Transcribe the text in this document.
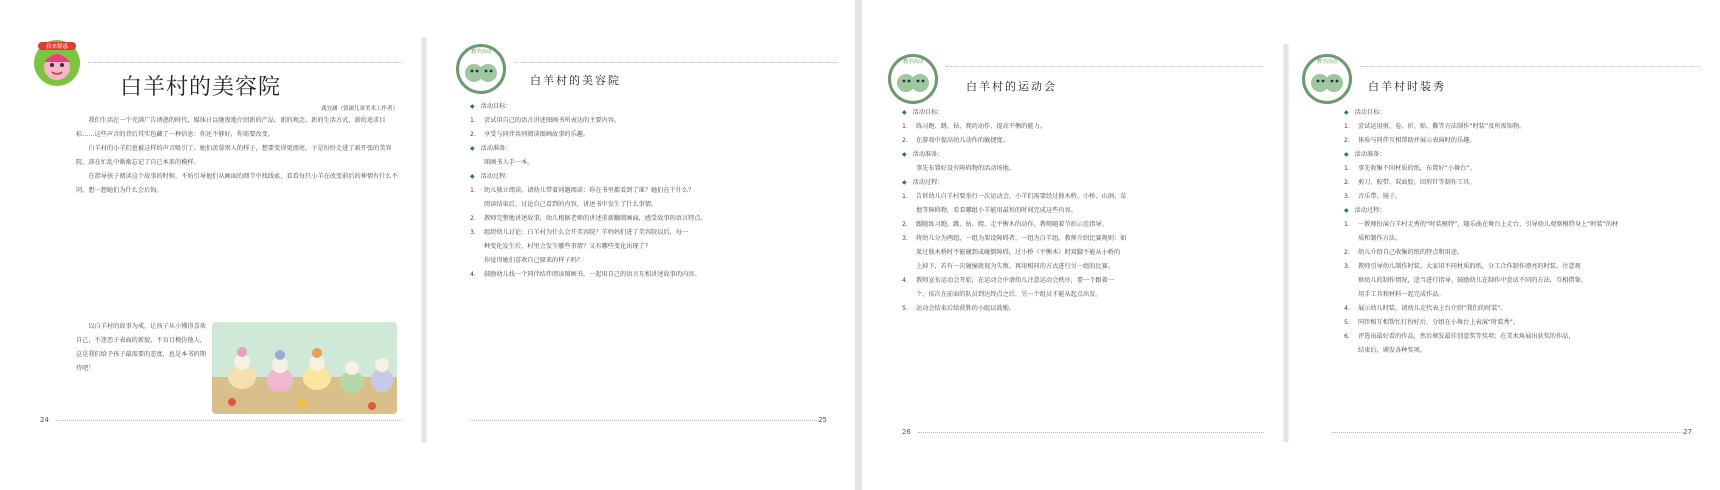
我来解惑
白羊村的美容院
龚宜涵（资深儿童美术工作者）

我们生活在一个充满广告诱惑的时代，媒体日以继夜地介绍新的产品、新的观念、新的生活方式、新的追求目标……这些声音的背后其实包藏了一种信息：你还不够好，你需要改变。

白羊村的小羊们也被这样的声音吸引了。她们羡慕别人的样子，想要变得更漂亮，于是纷纷走进了新开张的美容院，却在忙乱中渐渐忘记了自己本来的模样。

在指导孩子阅读这个故事的时候，不妨引导他们从画面的细节中找线索，看看每只小羊在改变前后的神情有什么不同，想一想她们为什么会后悔。

以白羊村的故事为戒，让孩子从小懂得喜欢自己，不迷恋于表面的新貌，不盲目模仿他人，这是我们给予孩子最需要的态度，也是本书的期待吧！

24
教学活动
白羊村的美容院
◆ 活动目标：
1. 尝试用自己的语言讲述图画书所表达的主要内容。
2. 享受与同伴共同阅读图画故事的乐趣。
◆ 活动准备：
图画书人手一本。
◆ 活动过程：
1. 幼儿独立阅读。请幼儿带着问题阅读：你在书里都看到了谁？她们在干什么？
阅读结束后，讨论自己看到的内容，讲述书中发生了什么事情。
2. 教师完整地讲述故事，幼儿根据老师的讲述重新翻阅画面，感受故事的语言特点。
3. 组织幼儿讨论：白羊村为什么会开美容院？羊妈妈们进了美容院以后，每一
种变化发生后，村里会发生哪些事情？又有哪些变化出现了？
你觉得她们喜欢自己原来的样子吗？
4. 鼓励幼儿找一个同伴结伴阅读图画书，一起用自己的语言互相讲述故事的内容。
25
教学活动
白羊村的运动会
◆ 活动目标：
1. 练习跑、跳、钻、爬的动作，提高平衡的能力。
2. 在游戏中提高幼儿动作的敏捷度。
◆ 活动准备：
事先布置好设有障碍物的活动场地。
◆ 活动过程：
1. 告诉幼儿白羊村要举行一次运动会，小羊们需要经过独木桥、小桥、山洞、草
地等障碍物，看看哪组小羊能用最短的时间完成这些内容。
2. 跟随练习跑、跳、钻、爬、走平衡木的动作，教师随着节拍示范指导。
3. 将幼儿分为两组，一组为架设障碍者，一组为白羊组。教师介绍比赛规则：如
果过独木桥时不能碰到或碰倒障碍，过小桥（平衡木）时双脚不能从小桥的
上掉下，若有一次碰撞就视为失败。再用相同的方式进行另一组的比赛。
4. 教师宣布运动会开始，在运动会中请幼儿注意运动会秩序，要一个跟着一
个，依次在前面的队员到达终点之后，另一个组员才能从起点出发。
5. 运动会结束后给获胜的小组以鼓励。
26
教学活动
白羊村时装秀
◆ 活动目标：
1. 尝试运用剪、卷、折、贴、撕等方法制作“时装”及所需饰物。
2. 体验与同伴互相帮助并展示表演时的乐趣。
◆ 活动准备：
1. 事先收集不同材质的纸，布置好“小舞台”。
2. 剪刀、胶带、双面胶、回形针等制作工具。
3. 音乐带、镜子。
◆ 活动过程：
1. 一教师扮演白羊村走秀的“时装模特”，随乐曲在舞台上走台，引导幼儿观察模特身上“时装”的材
质和制作方法。
2. 幼儿介绍自己收集的纸的特点和用途。
3. 教师引导幼儿制作时装。大家用不同材质的纸，分工合作制作漂亮的时装。注意观
察幼儿的制作情况，适当进行指导。鼓励幼儿在制作中尝试不同的方法，互相借鉴。
用手工具和材料一起完成作品。
4. 展示幼儿时装，请幼儿走代表上台介绍“我们的时装”。
5. 同伴相互相帮忙打扮好后，分组在小舞台上表演“时装秀”。
6. 评选出最好看的作品，然后颁发最佳创意奖等奖项；在美术角展出获奖的作品，
结束后，颁发各种奖项。
27
